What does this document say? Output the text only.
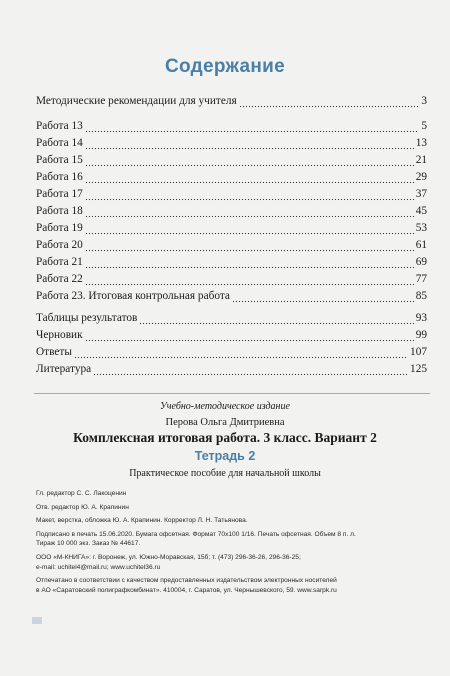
Содержание
Методические рекомендации для учителя	3
Работа 13	5
Работа 14	13
Работа 15	21
Работа 16	29
Работа 17	37
Работа 18	45
Работа 19	53
Работа 20	61
Работа 21	69
Работа 22	77
Работа 23. Итоговая контрольная работа	85
Таблицы результатов	93
Черновик	99
Ответы	107
Литература	125
Учебно-методическое издание
Перова Ольга Дмитриевна
Комплексная итоговая работа. 3 класс. Вариант 2
Тетрадь 2
Практическое пособие для начальной школы
Гл. редактор С. С. Лакоценин
Отв. редактор Ю. А. Крапинин
Макет, верстка, обложка Ю. А. Крапинин. Корректор Л. Н. Татьянова.
Подписано в печать 15.06.2020. Бумага офсетная. Формат 70х100 1/16. Печать офсетная. Объем 8 п. л.
Тираж 10 000 экз. Заказ № 44617.
ООО «М-КНИГА»: г. Воронеж, ул. Южно-Моравская, 15б; т. (473) 296-36-26, 296-36-25;
e-mail: uchitel4@mail.ru; www.uchitel36.ru
Отпечатано в соответствии с качеством предоставленных издательством электронных носителей
в АО «Саратовский полиграфкомбинат». 410004, г. Саратов, ул. Чернышевского, 59. www.sarpk.ru
